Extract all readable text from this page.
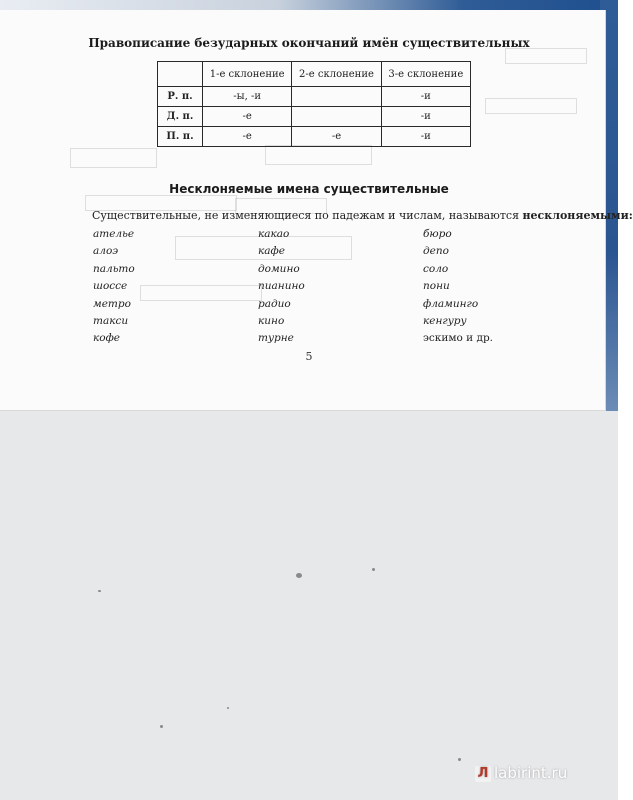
Правописание безударных окончаний имён существительных
	1-е склонение	2-е склонение	3-е склонение
Р. п.	-ы, -и		-и
Д. п.	-е		-и
П. п.	-е	-е	-и
Несклоняемые имена существительные
Существительные, не изменяющиеся по падежам и числам, называются несклоняемыми:
ателье
алоэ
пальто
шоссе
метро
такси
кофе
какао
кафе
домино
пианино
радио
кино
турне
бюро
депо
соло
пони
фламинго
кенгуру
эскимо и др.
5
Л labirint.ru
